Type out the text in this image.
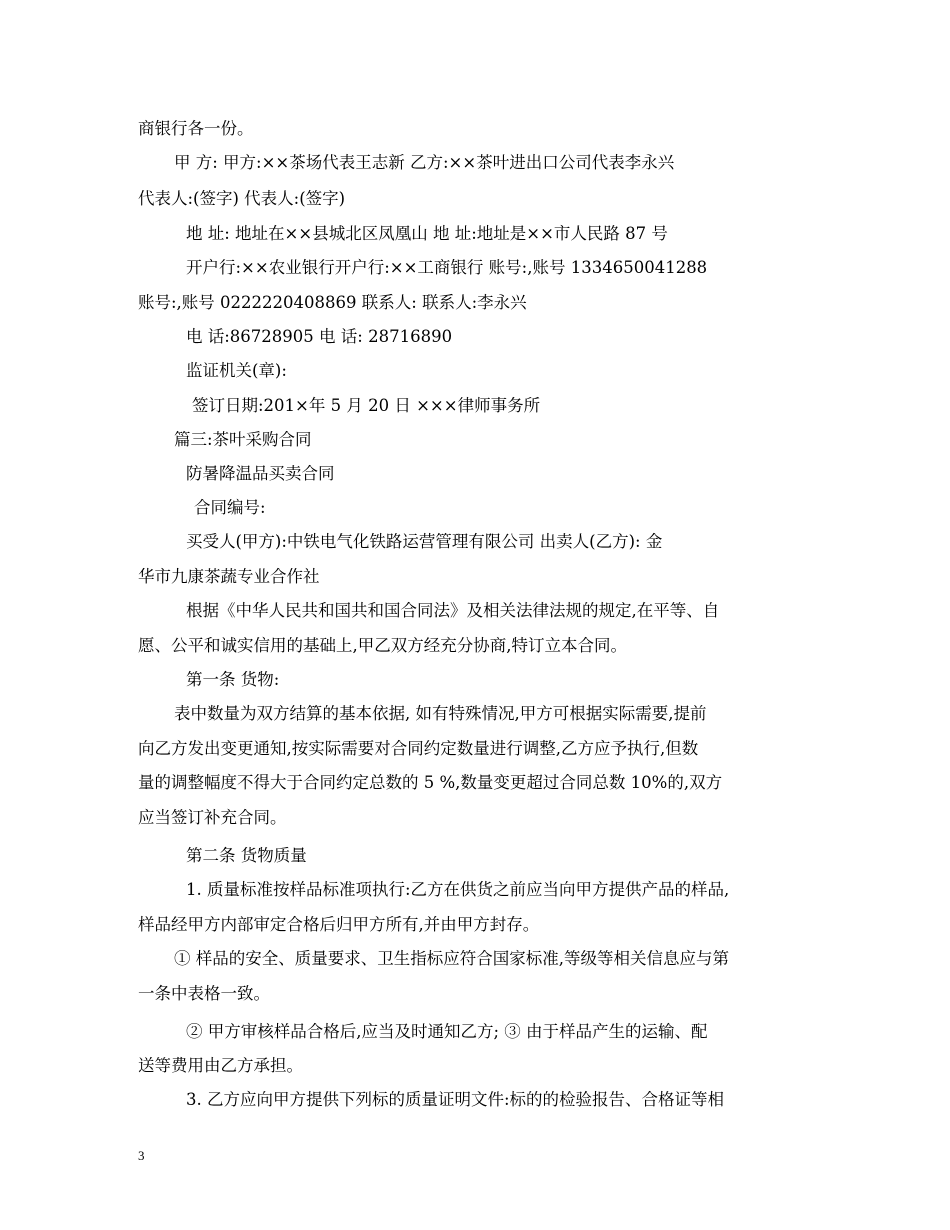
商银行各一份。
甲 方: 甲方:××茶场代表王志新 乙方:××茶叶进出口公司代表李永兴
代表人:(签字) 代表人:(签字)
地 址: 地址在××县城北区凤凰山 地 址:地址是××市人民路 87 号
开户行:××农业银行开户行:××工商银行 账号:,账号 1334650041288
账号:,账号 0222220408869 联系人: 联系人:李永兴
电 话:86728905 电 话: 28716890
监证机关(章):
签订日期:201×年 5 月 20 日 ×××律师事务所
篇三:茶叶采购合同
防暑降温品买卖合同
合同编号:
买受人(甲方):中铁电气化铁路运营管理有限公司 出卖人(乙方): 金
华市九康茶蔬专业合作社
根据《中华人民共和国共和国合同法》及相关法律法规的规定,在平等、自
愿、公平和诚实信用的基础上,甲乙双方经充分协商,特订立本合同。
第一条 货物:
表中数量为双方结算的基本依据, 如有特殊情况,甲方可根据实际需要,提前
向乙方发出变更通知,按实际需要对合同约定数量进行调整,乙方应予执行,但数
量的调整幅度不得大于合同约定总数的 5 %,数量变更超过合同总数 10%的,双方
应当签订补充合同。
第二条 货物质量
1. 质量标准按样品标准项执行:乙方在供货之前应当向甲方提供产品的样品,
样品经甲方内部审定合格后归甲方所有,并由甲方封存。
① 样品的安全、质量要求、卫生指标应符合国家标准,等级等相关信息应与第
一条中表格一致。
② 甲方审核样品合格后,应当及时通知乙方; ③ 由于样品产生的运输、配
送等费用由乙方承担。
3. 乙方应向甲方提供下列标的质量证明文件:标的的检验报告、合格证等相
3
